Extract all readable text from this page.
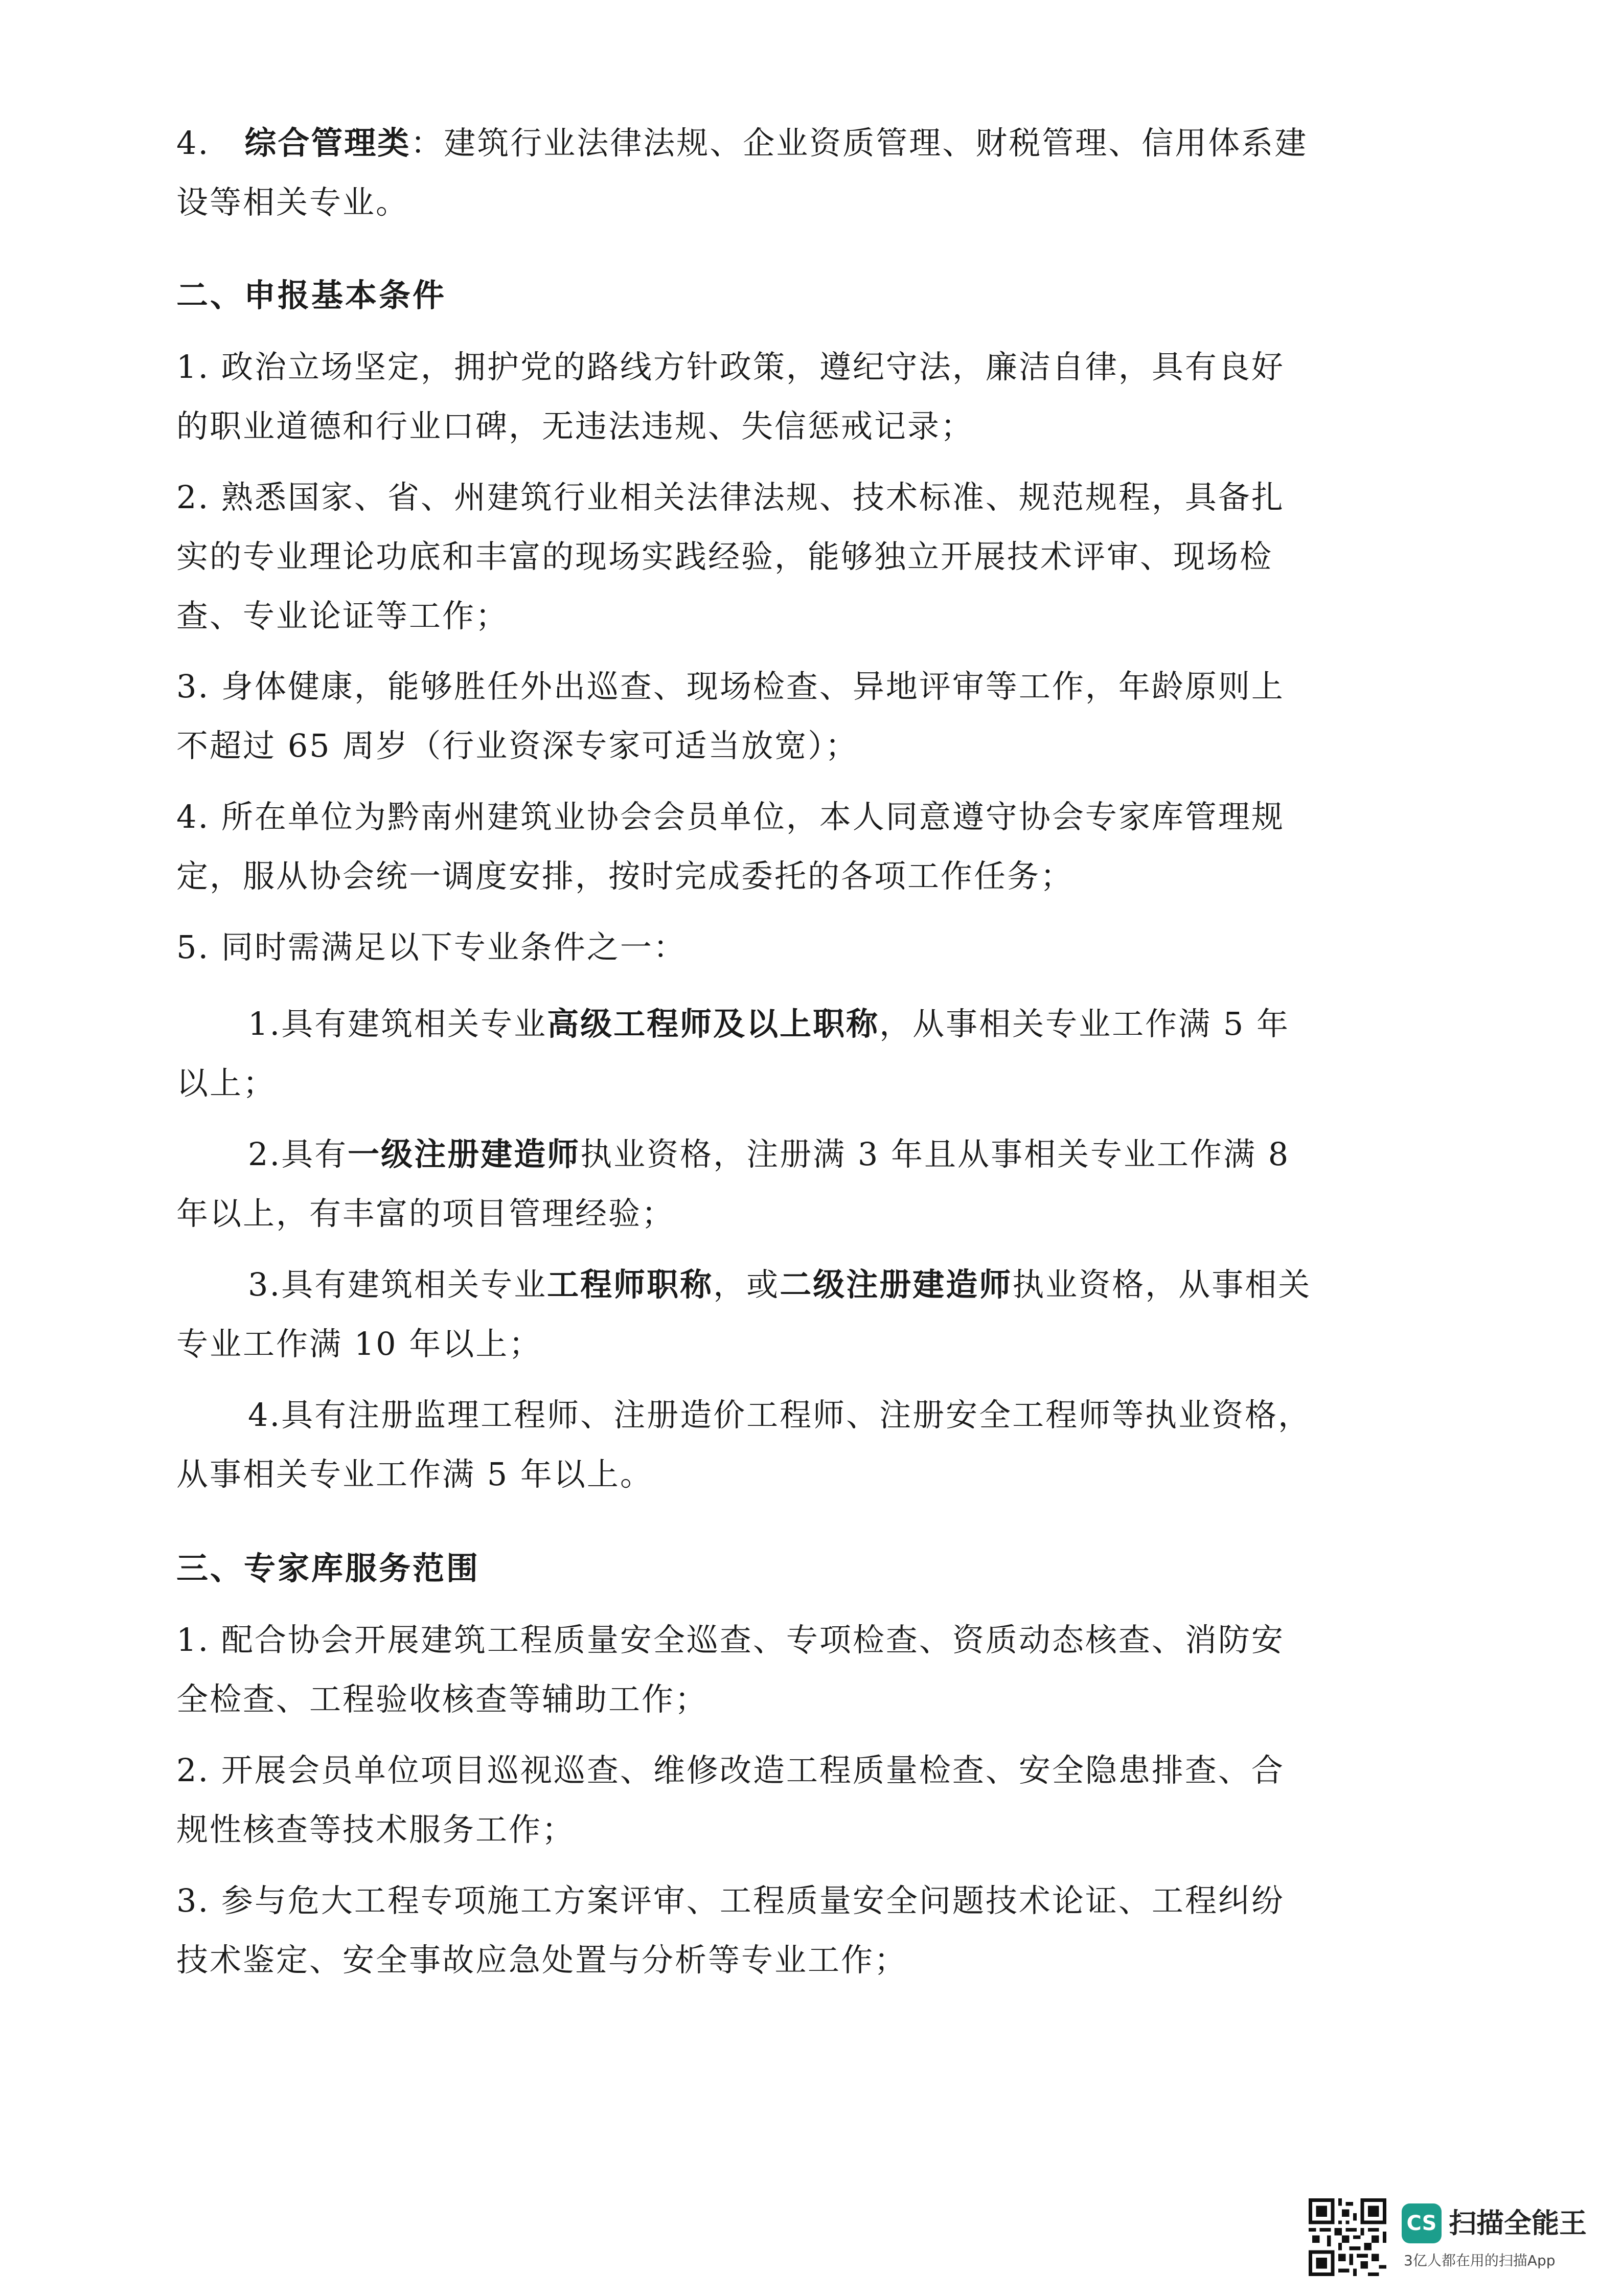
4. 综合管理类：建筑行业法律法规、企业资质管理、财税管理、信用体系建
设等相关专业。
二、申报基本条件
1. 政治立场坚定，拥护党的路线方针政策，遵纪守法，廉洁自律，具有良好
的职业道德和行业口碑，无违法违规、失信惩戒记录；
2. 熟悉国家、省、州建筑行业相关法律法规、技术标准、规范规程，具备扎
实的专业理论功底和丰富的现场实践经验，能够独立开展技术评审、现场检
查、专业论证等工作；
3. 身体健康，能够胜任外出巡查、现场检查、异地评审等工作，年龄原则上
不超过 65 周岁（行业资深专家可适当放宽）；
4. 所在单位为黔南州建筑业协会会员单位，本人同意遵守协会专家库管理规
定，服从协会统一调度安排，按时完成委托的各项工作任务；
5. 同时需满足以下专业条件之一：
1.具有建筑相关专业高级工程师及以上职称，从事相关专业工作满 5 年
以上；
2.具有一级注册建造师执业资格，注册满 3 年且从事相关专业工作满 8
年以上，有丰富的项目管理经验；
3.具有建筑相关专业工程师职称，或二级注册建造师执业资格，从事相关
专业工作满 10 年以上；
4.具有注册监理工程师、注册造价工程师、注册安全工程师等执业资格，
从事相关专业工作满 5 年以上。
三、专家库服务范围
1. 配合协会开展建筑工程质量安全巡查、专项检查、资质动态核查、消防安
全检查、工程验收核查等辅助工作；
2. 开展会员单位项目巡视巡查、维修改造工程质量检查、安全隐患排查、合
规性核查等技术服务工作；
3. 参与危大工程专项施工方案评审、工程质量安全问题技术论证、工程纠纷
技术鉴定、安全事故应急处置与分析等专业工作；
CS 扫描全能王
3亿人都在用的扫描App
